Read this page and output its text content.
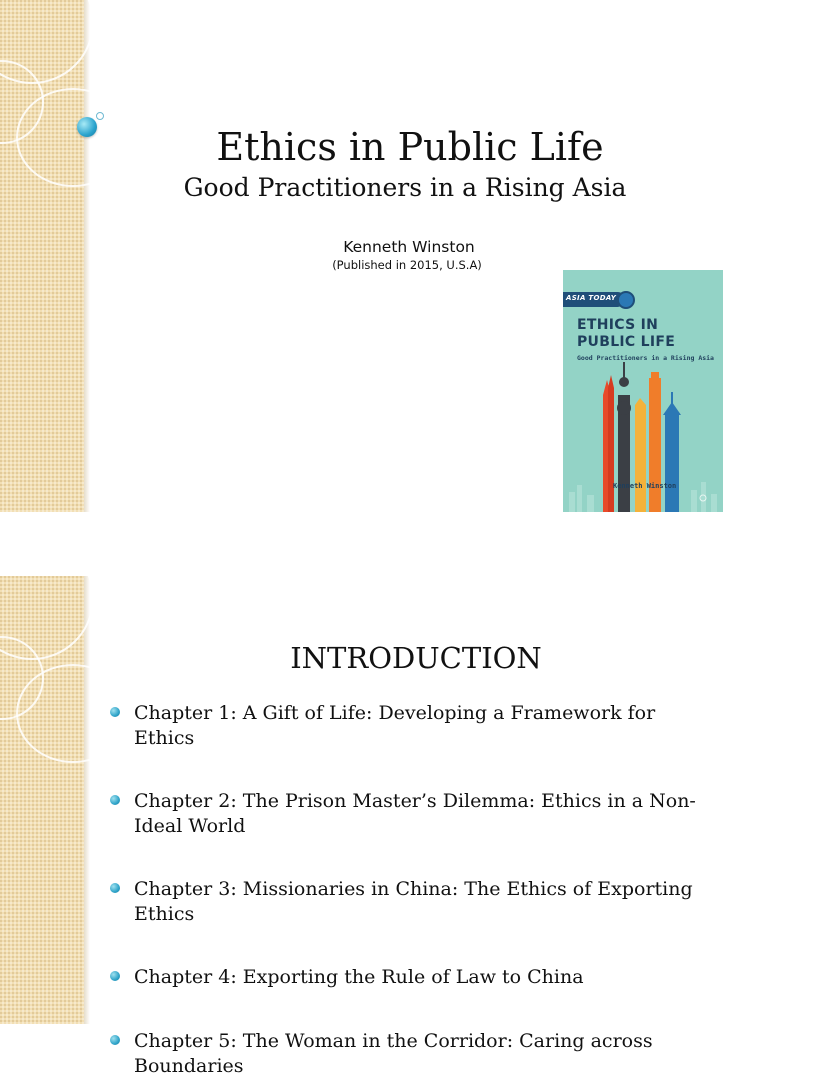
Ethics in Public Life
Good Practitioners in a Rising Asia
Kenneth Winston
(Published in 2015, U.S.A)
ASIA TODAY
ETHICS IN
PUBLIC LIFE
Good Practitioners in a Rising Asia
Kenneth Winston
INTRODUCTION
Chapter 1: A Gift of Life: Developing a Framework for Ethics
Chapter 2: The Prison Master’s Dilemma: Ethics in a Non-Ideal World
Chapter 3: Missionaries in China: The Ethics of Exporting Ethics
Chapter 4: Exporting the Rule of Law to China
Chapter 5: The Woman in the Corridor: Caring across Boundaries
